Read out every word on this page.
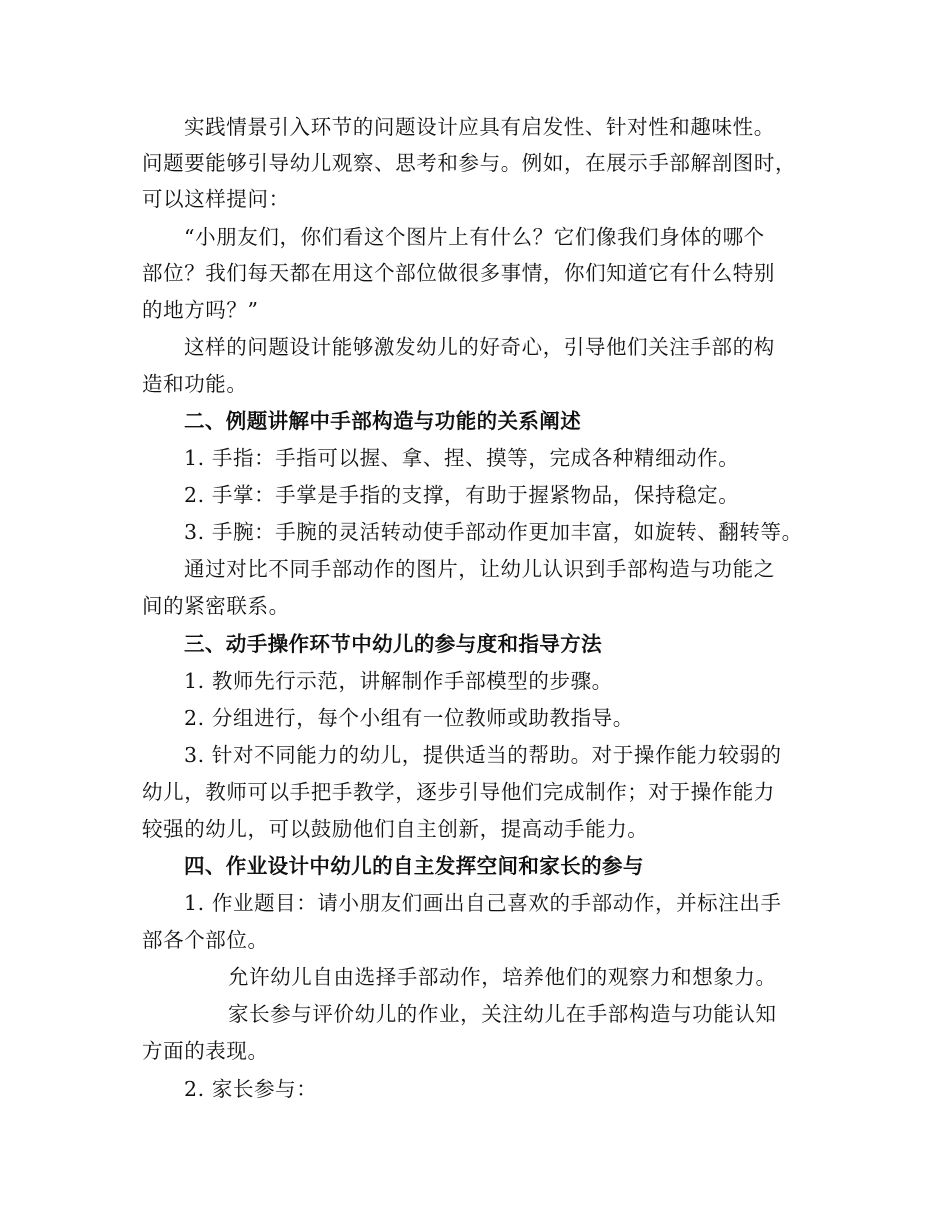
实践情景引入环节的问题设计应具有启发性、针对性和趣味性。
问题要能够引导幼儿观察、思考和参与。例如，在展示手部解剖图时，
可以这样提问：
“小朋友们，你们看这个图片上有什么？它们像我们身体的哪个
部位？我们每天都在用这个部位做很多事情，你们知道它有什么特别
的地方吗？”
这样的问题设计能够激发幼儿的好奇心，引导他们关注手部的构
造和功能。
二、例题讲解中手部构造与功能的关系阐述
1. 手指：手指可以握、拿、捏、摸等，完成各种精细动作。
2. 手掌：手掌是手指的支撑，有助于握紧物品，保持稳定。
3. 手腕：手腕的灵活转动使手部动作更加丰富，如旋转、翻转等。
通过对比不同手部动作的图片，让幼儿认识到手部构造与功能之
间的紧密联系。
三、动手操作环节中幼儿的参与度和指导方法
1. 教师先行示范，讲解制作手部模型的步骤。
2. 分组进行，每个小组有一位教师或助教指导。
3. 针对不同能力的幼儿，提供适当的帮助。对于操作能力较弱的
幼儿，教师可以手把手教学，逐步引导他们完成制作；对于操作能力
较强的幼儿，可以鼓励他们自主创新，提高动手能力。
四、作业设计中幼儿的自主发挥空间和家长的参与
1. 作业题目：请小朋友们画出自己喜欢的手部动作，并标注出手
部各个部位。
允许幼儿自由选择手部动作，培养他们的观察力和想象力。
家长参与评价幼儿的作业，关注幼儿在手部构造与功能认知
方面的表现。
2. 家长参与：
